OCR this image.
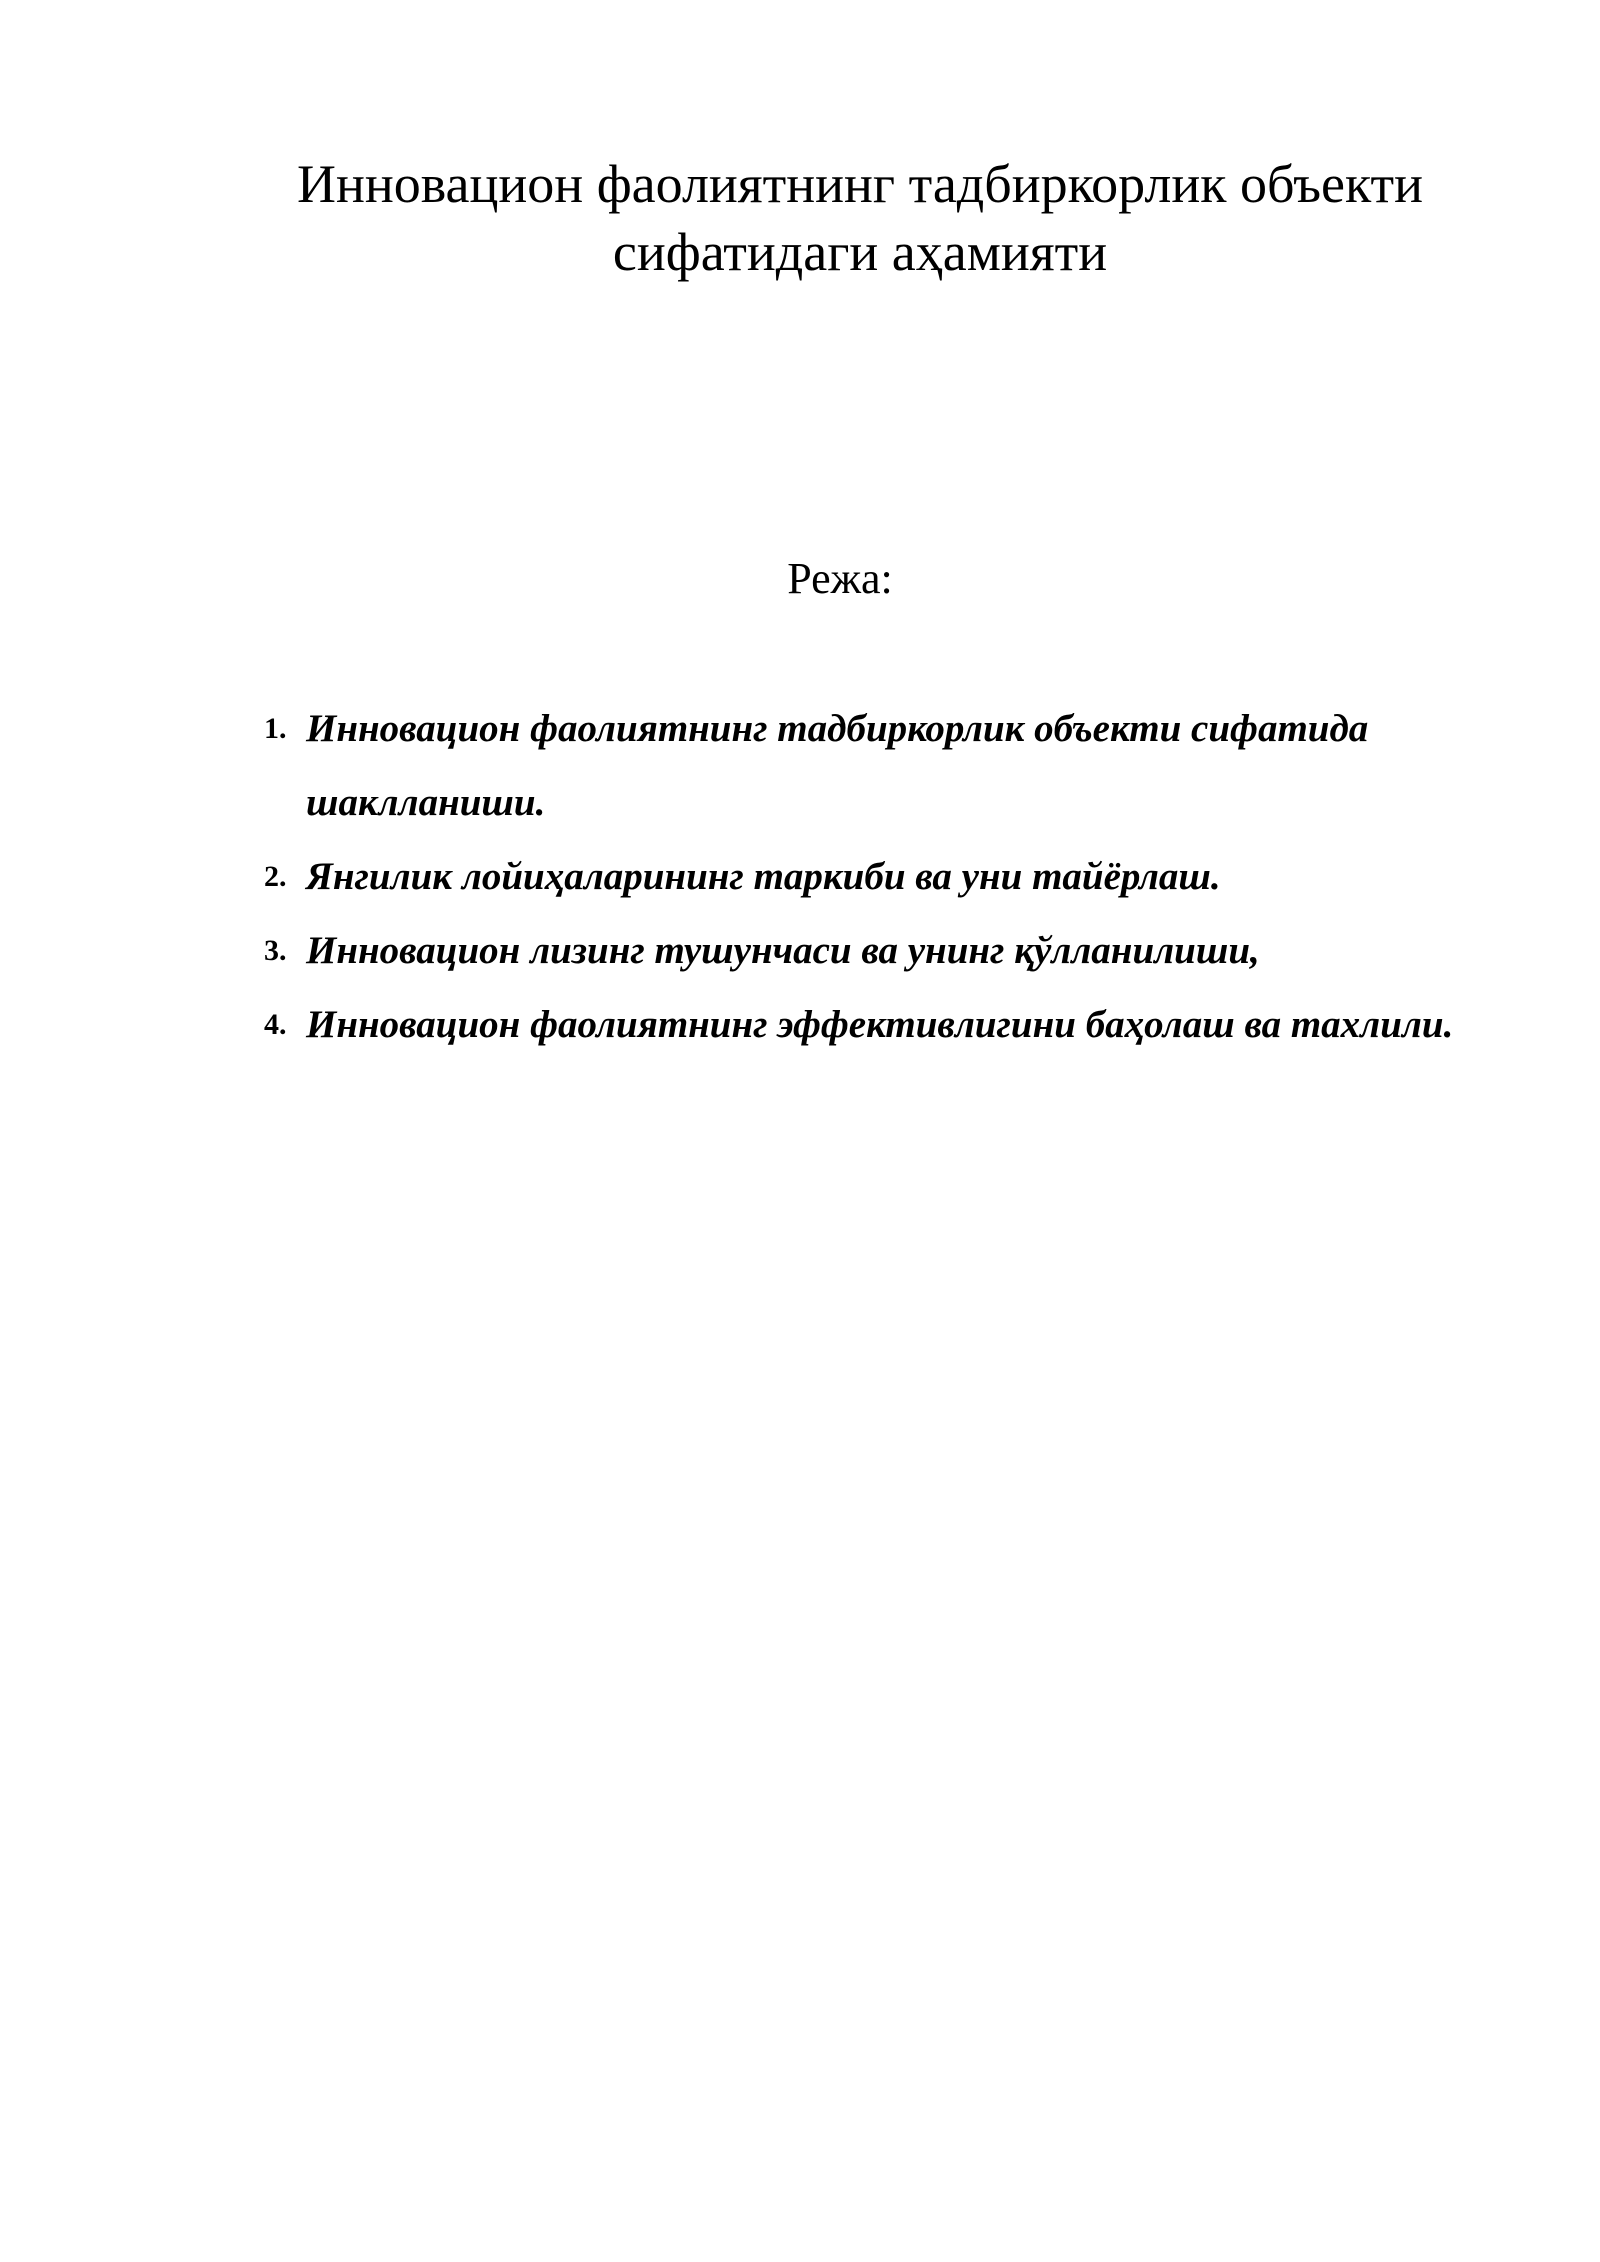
Инновацион фаолиятнинг тадбиркорлик объекти сифатидаги аҳамияти
Режа:
1. Инновацион фаолиятнинг тадбиркорлик объекти сифатида шаклланиши.
2. Янгилик лойиҳаларининг таркиби ва уни тайёрлаш.
3. Инновацион лизинг тушунчаси ва унинг қўлланилиши,
4. Инновацион фаолиятнинг эффективлигини баҳолаш ва тахлили.
